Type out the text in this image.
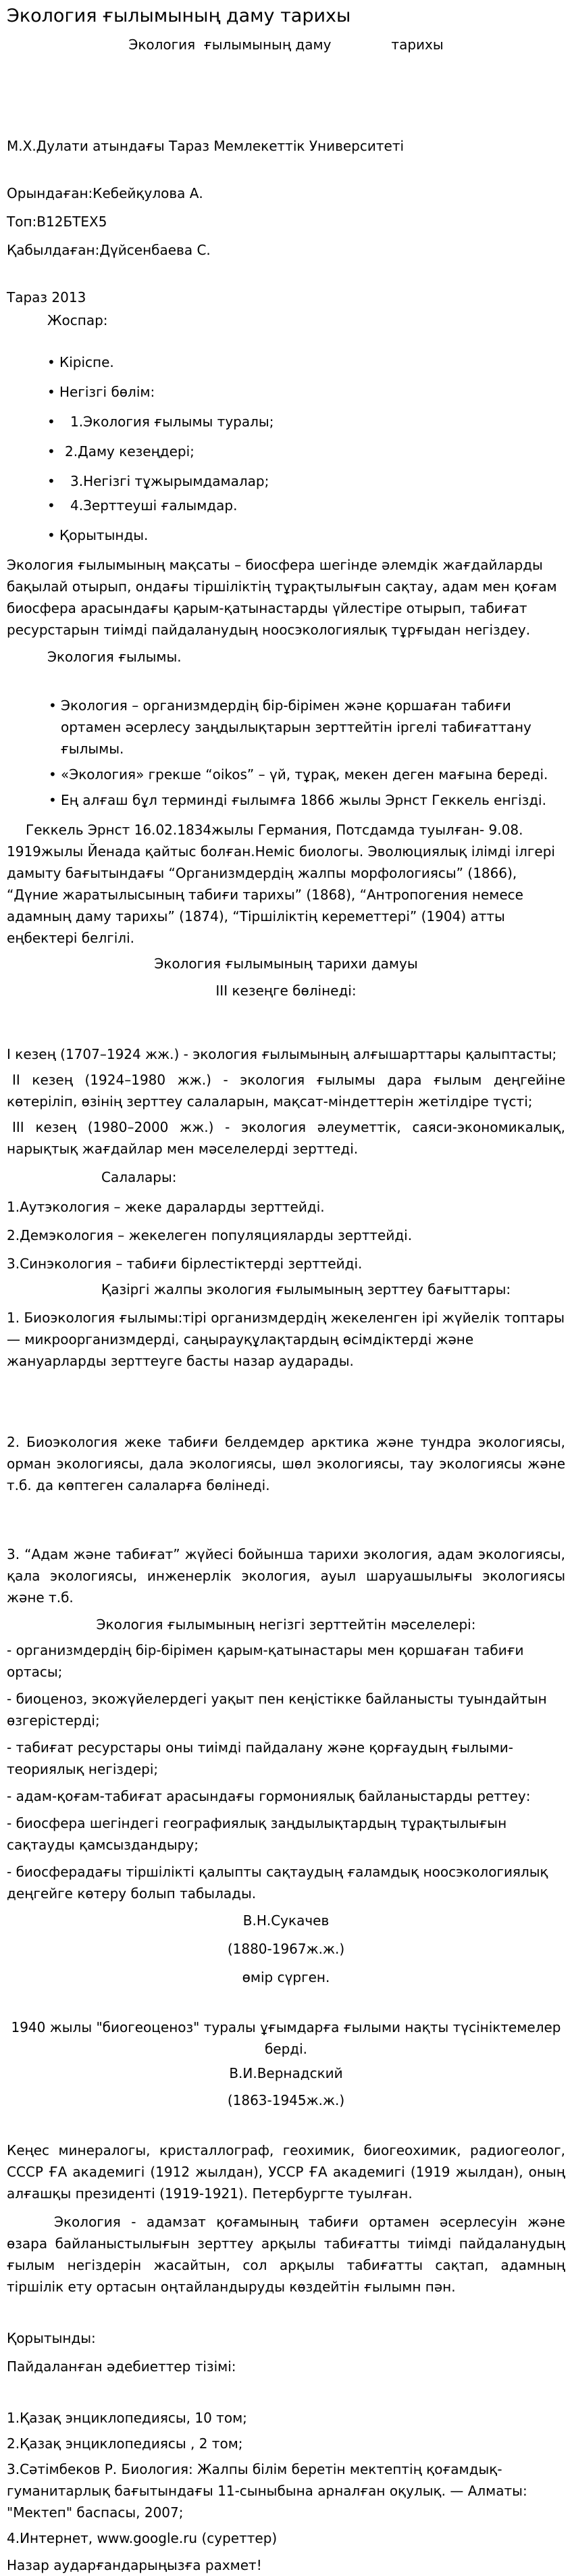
Экология ғылымының даму тарихы

Экология  ғылымының даму              тарихы

М.Х.Дулати атындағы Тараз Мемлекеттік Университеті

Орындаған:Кебейқулова А.

Топ:В12БТЕХ5

Қабылдаған:Дүйсенбаева С.

Тараз 2013

Жоспар:

• Кіріспе.
• Негізгі бөлім:
• 1.Экология ғылымы туралы;
• 2.Даму кезеңдері;
• 3.Негізгі тұжырымдамалар;
• 4.Зерттеуші ғалымдар.
• Қорытынды.

Экология ғылымының мақсаты – биосфера шегінде әлемдік жағдайларды бақылай отырып, ондағы тіршіліктің тұрақтылығын сақтау, адам мен қоғам биосфера арасындағы қарым-қатынастарды үйлестіре отырып, табиғат ресурстарын тиімді пайдаланудың ноосэкологиялық тұрғыдан негіздеу.

Экология ғылымы.

• Экология – организмдердің бір-бірімен және қоршаған табиғи ортамен әсерлесу заңдылықтарын зерттейтін іргелі табиғаттану ғылымы.
• «Экология» грекше “oikos” – үй, тұрақ, мекен деген мағына береді.
• Ең алғаш бұл терминді ғылымға 1866 жылы Эрнст Геккель енгізді.

Геккель Эрнст 16.02.1834жылы Германия, Потсдамда туылған- 9.08. 1919жылы Йенада қайтыс болған.Неміс биологы. Эволюциялық ілімді ілгері дамыту бағытындағы “Организмдердің жалпы морфологиясы” (1866), “Дүние жаратылысының табиғи тарихы” (1868), “Антропогения немесе адамның даму тарихы” (1874), “Тіршіліктің кереметтері” (1904) атты еңбектері белгілі.

Экология ғылымының тарихи дамуы

ІІІ кезеңге бөлінеді:

І кезең (1707–1924 жж.) - экология ғылымының алғышарттары қалыптасты;

ІІ кезең (1924–1980 жж.) - экология ғылымы дара ғылым деңгейіне көтеріліп, өзінің зерттеу салаларын, мақсат-міндеттерін жетілдіре түсті;

ІІІ кезең (1980–2000 жж.) - экология әлеуметтік, саяси-экономикалық, нарықтық жағдайлар мен мәселелерді зерттеді.

Салалары:

1.Аутэкология – жеке дараларды зерттейді.

2.Демэкология – жекелеген популяцияларды зерттейді.

3.Синэкология – табиғи бірлестіктерді зерттейді.

Қазіргі жалпы экология ғылымының зерттеу бағыттары:

1. Биоэкология ғылымы:тірі организмдердің жекеленген ірі жүйелік топтары — микроорганизмдерді, саңырауқұлақтардың өсімдіктерді және жануарларды зерттеуге басты назар аударады.

2. Биоэкология жеке табиғи белдемдер арктика және тундра экологиясы, орман экологиясы, дала экологиясы, шөл экологиясы, тау экологиясы және т.б. да көптеген салаларға бөлінеді.

3. “Адам және табиғат” жүйесі бойынша тарихи экология, адам экологиясы, қала экологиясы, инженерлік экология, ауыл шаруашылығы экологиясы және т.б.

Экология ғылымының негізгі зерттейтін мәселелері:

- организмдердің бір-бірімен қарым-қатынастары мен қоршаған табиғи ортасы;

- биоценоз, экожүйелердегі уақыт пен кеңістікке байланысты туындайтын өзгерістерді;

- табиғат ресурстары оны тиімді пайдалану және қорғаудың ғылыми-теориялық негіздері;

- адам-қоғам-табиғат арасындағы гормониялық байланыстарды реттеу:

- биосфера шегіндегі географиялық заңдылықтардың тұрақтылығын сақтауды қамсыздандыру;

- биосферадағы тіршілікті қалыпты сақтаудың ғаламдық ноосэкологиялық деңгейге көтеру болып табылады.

В.Н.Сукачев

(1880-1967ж.ж.)

өмір сүрген.

1940 жылы "биогеоценоз" туралы ұғымдарға ғылыми нақты түсініктемелер берді.

В.И.Вернадский

(1863-1945ж.ж.)

Кеңес минералогы, кристаллограф, геохимик, биогеохимик, радиогеолог, СССР ҒА академигі (1912 жылдан), УССР ҒА академигі (1919 жылдан), оның алғашқы президенті (1919-1921). Петербургте туылған.

Экология - адамзат қоғамының табиғи ортамен әсерлесуін және өзара байланыстылығын зерттеу арқылы табиғатты тиімді пайдаланудың ғылым негіздерін жасайтын, сол арқылы табиғатты сақтап, адамның тіршілік ету ортасын оңтайландыруды көздейтін ғылымн пән.

Қорытынды:

Пайдаланған әдебиеттер тізімі:

1.Қазақ энциклопедиясы, 10 том;

2.Қазақ энциклопедиясы , 2 том;

3.Сәтімбеков Р. Биология: Жалпы білім беретін мектептің қоғамдық-гуманитарлық бағытындағы 11-сыныбына арналған оқулық. — Алматы: "Мектеп" баспасы, 2007;

4.Интернет, www.google.ru (суреттер)

Назар аударғандарыңызға рахмет!
